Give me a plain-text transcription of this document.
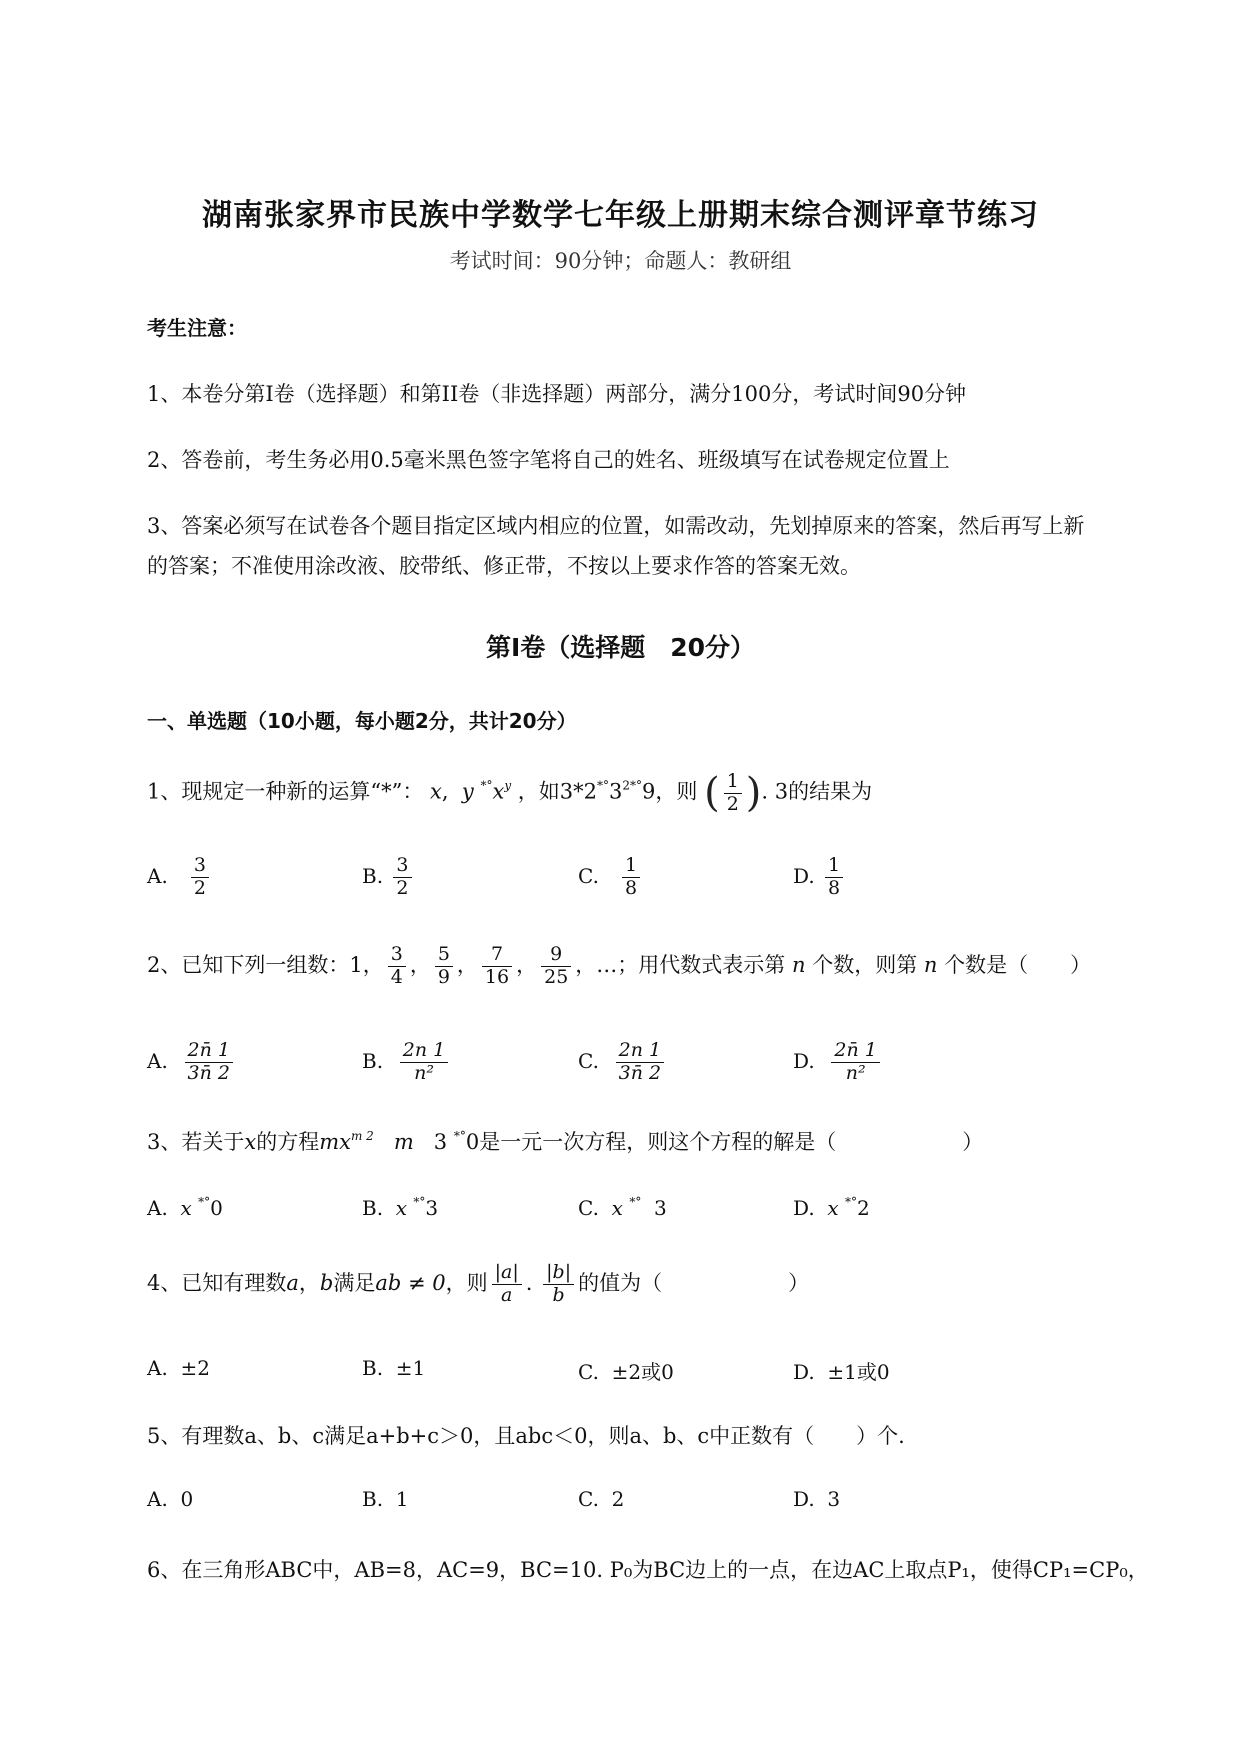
湖南张家界市民族中学数学七年级上册期末综合测评章节练习
考试时间：90分钟；命题人：教研组
考生注意：
1、本卷分第I卷（选择题）和第II卷（非选择题）两部分，满分100分，考试时间90分钟
2、答卷前，考生务必用0.5毫米黑色签字笔将自己的姓名、班级填写在试卷规定位置上
3、答案必须写在试卷各个题目指定区域内相应的位置，如需改动，先划掉原来的答案，然后再写上新
的答案；不准使用涂改液、胶带纸、修正带，不按以上要求作答的答案无效。
第I卷（选择题　20分）
一、单选题（10小题，每小题2分，共计20分）
1、现规定一种新的运算“*”： x,  y $^{*^\circ}x^y$ ，如$3*2^{*^\circ}3^{2*^\circ}9$，则 ( $\frac{1}{2}$ ). 3的结果为
A. $\frac{3}{2}$	B. $\frac{3}{2}$	C. $\frac{1}{8}$	D. $\frac{1}{8}$
2、已知下列一组数：1， $\frac{3}{4}$ ， $\frac{5}{9}$ ， $\frac{7}{16}$ ， $\frac{9}{25}$ ，…；用代数式表示第 n 个数，则第 n 个数是（　　）
A. $\frac{2n̄ 1}{3n̄ 2}$	B. $\frac{2n 1}{\text{n²}}$	C. $\frac{2n 1}{3n̄ 2}$	D. $\frac{2n̄ 1}{\text{n²}}$
3、若关于x的方程$mx^{m 2}$ m 3 *°0是一元一次方程，则这个方程的解是（　　　　　　）
A. x *°0	B. x *°3	C. x *°  3	D. x *°2
4、已知有理数a，b满足ab ≠ 0，则 $\frac{|a|}{a}$ . $\frac{|b|}{b}$ 的值为（　　　　　　）
A. ±2	B. ±1	C. ±2或0	D. ±1或0
5、有理数a、b、c满足a+b+c＞0，且abc＜0，则a、b、c中正数有（　　）个.
A. 0	B. 1	C. 2	D. 3
6、在三角形ABC中，AB=8，AC=9，BC=10. P₀为BC边上的一点，在边AC上取点P₁，使得CP₁=CP₀，
